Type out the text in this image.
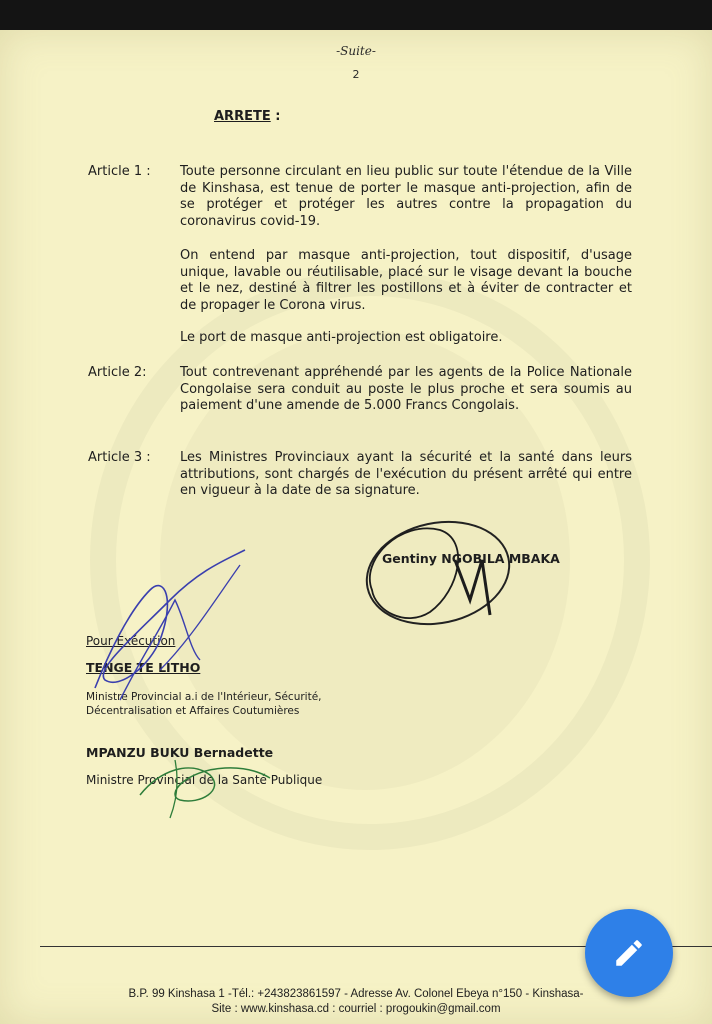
-Suite-
2
ARRETE :
Article 1 : Toute personne circulant en lieu public sur toute l'étendue de la Ville de Kinshasa, est tenue de porter le masque anti-projection, afin de se protéger et protéger les autres contre la propagation du coronavirus covid-19.
On entend par masque anti-projection, tout dispositif, d'usage unique, lavable ou réutilisable, placé sur le visage devant la bouche et le nez, destiné à filtrer les postillons et à éviter de contracter et de propager le Corona virus.
Le port de masque anti-projection est obligatoire.
Article 2:	Tout contrevenant appréhendé par les agents de la Police Nationale Congolaise sera conduit au poste le plus proche et sera soumis au paiement d'une amende de 5.000 Francs Congolais.
Article 3 : Les Ministres Provinciaux ayant la sécurité et la santé dans leurs attributions, sont chargés de l'exécution du présent arrêté qui entre en vigueur à la date de sa signature.
Gentiny NGOBILA MBAKA
Pour Exécution
TENGE TE LITHO
Ministre Provincial a.i de l'Intérieur, Sécurité,
Décentralisation et Affaires Coutumières
MPANZU BUKU Bernadette
Ministre Provincial de la Santé Publique
B.P. 99 Kinshasa 1 -Tél.: +243823861597 - Adresse Av. Colonel Ebeya n°150 - Kinshasa-
Site : www.kinshasa.cd : courriel : progoukin@gmail.com
